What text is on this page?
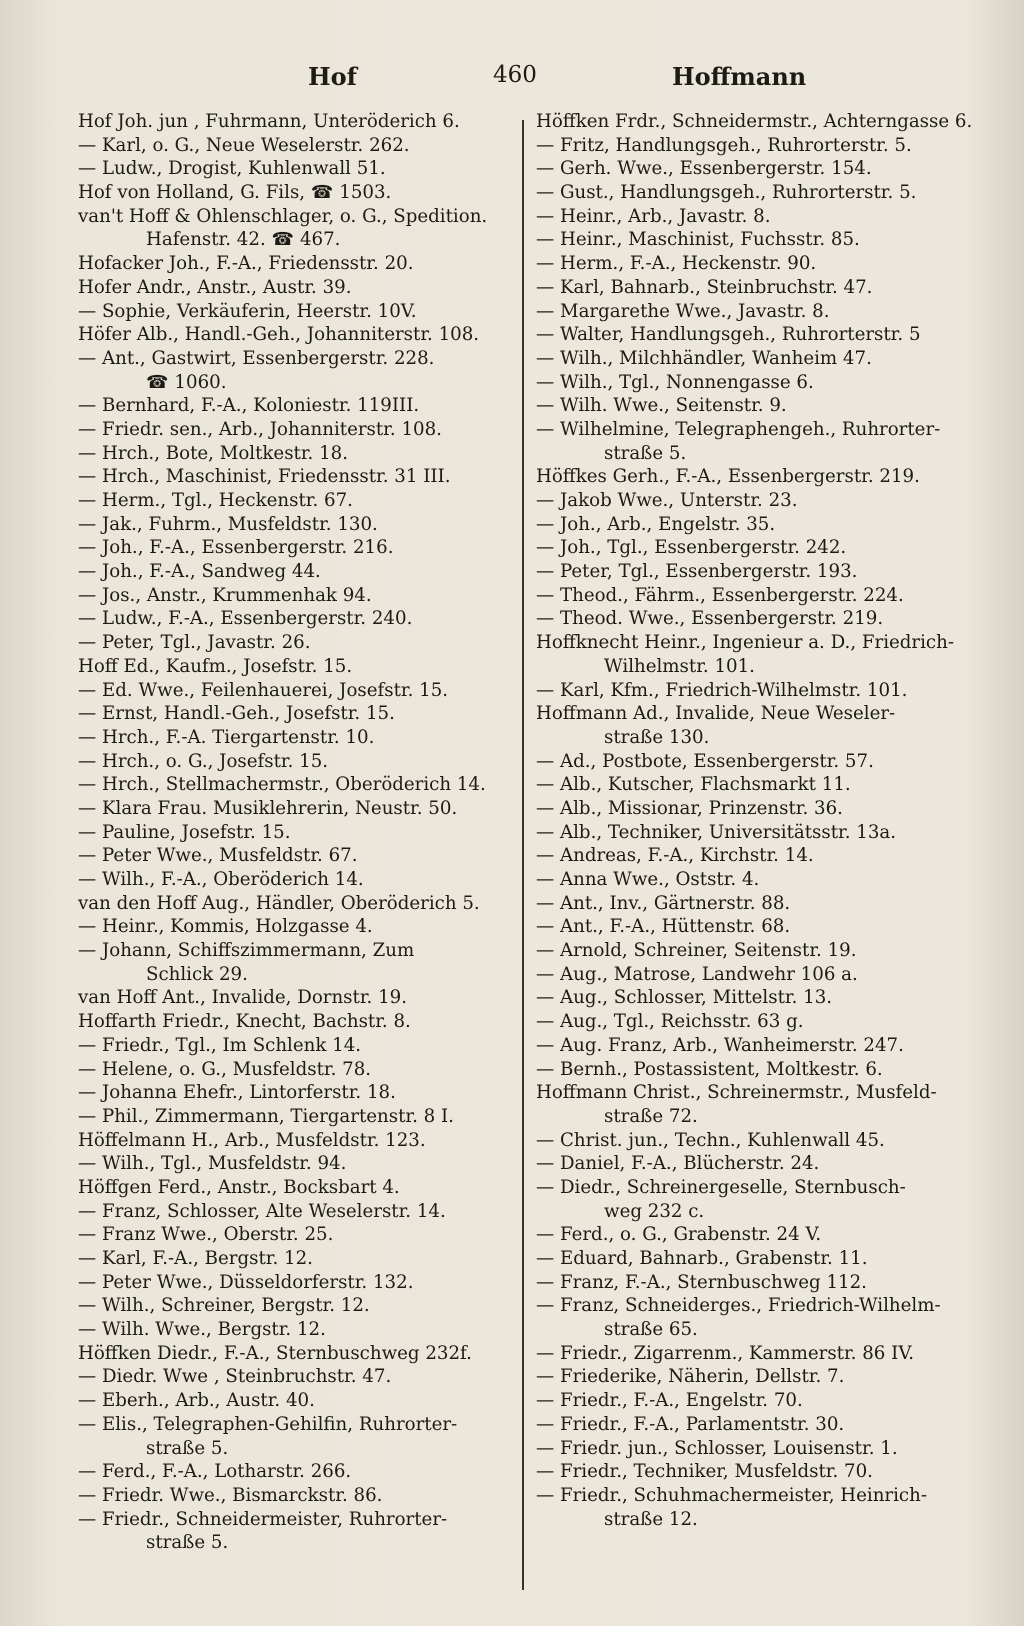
Hof	460	Hoffmann
Hof Joh. jun , Fuhrmann, Unteröderich 6.
— Karl, o. G., Neue Weselerstr. 262.
— Ludw., Drogist, Kuhlenwall 51.
Hof von Holland, G. Fils, ☎ 1503.
van't Hoff & Ohlenschlager, o. G., Spedition.
Hafenstr. 42. ☎ 467.
Hofacker Joh., F.-A., Friedensstr. 20.
Hofer Andr., Anstr., Austr. 39.
— Sophie, Verkäuferin, Heerstr. 10V.
Höfer Alb., Handl.-Geh., Johanniterstr. 108.
— Ant., Gastwirt, Essenbergerstr. 228.
☎ 1060.
— Bernhard, F.-A., Koloniestr. 119III.
— Friedr. sen., Arb., Johanniterstr. 108.
— Hrch., Bote, Moltkestr. 18.
— Hrch., Maschinist, Friedensstr. 31 III.
— Herm., Tgl., Heckenstr. 67.
— Jak., Fuhrm., Musfeldstr. 130.
— Joh., F.-A., Essenbergerstr. 216.
— Joh., F.-A., Sandweg 44.
— Jos., Anstr., Krummenhak 94.
— Ludw., F.-A., Essenbergerstr. 240.
— Peter, Tgl., Javastr. 26.
Hoff Ed., Kaufm., Josefstr. 15.
— Ed. Wwe., Feilenhauerei, Josefstr. 15.
— Ernst, Handl.-Geh., Josefstr. 15.
— Hrch., F.-A. Tiergartenstr. 10.
— Hrch., o. G., Josefstr. 15.
— Hrch., Stellmachermstr., Oberöderich 14.
— Klara Frau. Musiklehrerin, Neustr. 50.
— Pauline, Josefstr. 15.
— Peter Wwe., Musfeldstr. 67.
— Wilh., F.-A., Oberöderich 14.
van den Hoff Aug., Händler, Oberöderich 5.
— Heinr., Kommis, Holzgasse 4.
— Johann, Schiffszimmermann, Zum
Schlick 29.
van Hoff Ant., Invalide, Dornstr. 19.
Hoffarth Friedr., Knecht, Bachstr. 8.
— Friedr., Tgl., Im Schlenk 14.
— Helene, o. G., Musfeldstr. 78.
— Johanna Ehefr., Lintorferstr. 18.
— Phil., Zimmermann, Tiergartenstr. 8 I.
Höffelmann H., Arb., Musfeldstr. 123.
— Wilh., Tgl., Musfeldstr. 94.
Höffgen Ferd., Anstr., Bocksbart 4.
— Franz, Schlosser, Alte Weselerstr. 14.
— Franz Wwe., Oberstr. 25.
— Karl, F.-A., Bergstr. 12.
— Peter Wwe., Düsseldorferstr. 132.
— Wilh., Schreiner, Bergstr. 12.
— Wilh. Wwe., Bergstr. 12.
Höffken Diedr., F.-A., Sternbuschweg 232f.
— Diedr. Wwe , Steinbruchstr. 47.
— Eberh., Arb., Austr. 40.
— Elis., Telegraphen-Gehilfin, Ruhrorter-
straße 5.
— Ferd., F.-A., Lotharstr. 266.
— Friedr. Wwe., Bismarckstr. 86.
— Friedr., Schneidermeister, Ruhrorter-
straße 5.
Höffken Frdr., Schneidermstr., Achterngasse 6.
— Fritz, Handlungsgeh., Ruhrorterstr. 5.
— Gerh. Wwe., Essenbergerstr. 154.
— Gust., Handlungsgeh., Ruhrorterstr. 5.
— Heinr., Arb., Javastr. 8.
— Heinr., Maschinist, Fuchsstr. 85.
— Herm., F.-A., Heckenstr. 90.
— Karl, Bahnarb., Steinbruchstr. 47.
— Margarethe Wwe., Javastr. 8.
— Walter, Handlungsgeh., Ruhrorterstr. 5
— Wilh., Milchhändler, Wanheim 47.
— Wilh., Tgl., Nonnengasse 6.
— Wilh. Wwe., Seitenstr. 9.
— Wilhelmine, Telegraphengeh., Ruhrorter-
straße 5.
Höffkes Gerh., F.-A., Essenbergerstr. 219.
— Jakob Wwe., Unterstr. 23.
— Joh., Arb., Engelstr. 35.
— Joh., Tgl., Essenbergerstr. 242.
— Peter, Tgl., Essenbergerstr. 193.
— Theod., Fährm., Essenbergerstr. 224.
— Theod. Wwe., Essenbergerstr. 219.
Hoffknecht Heinr., Ingenieur a. D., Friedrich-
Wilhelmstr. 101.
— Karl, Kfm., Friedrich-Wilhelmstr. 101.
Hoffmann Ad., Invalide, Neue Weseler-
straße 130.
— Ad., Postbote, Essenbergerstr. 57.
— Alb., Kutscher, Flachsmarkt 11.
— Alb., Missionar, Prinzenstr. 36.
— Alb., Techniker, Universitätsstr. 13a.
— Andreas, F.-A., Kirchstr. 14.
— Anna Wwe., Oststr. 4.
— Ant., Inv., Gärtnerstr. 88.
— Ant., F.-A., Hüttenstr. 68.
— Arnold, Schreiner, Seitenstr. 19.
— Aug., Matrose, Landwehr 106 a.
— Aug., Schlosser, Mittelstr. 13.
— Aug., Tgl., Reichsstr. 63 g.
— Aug. Franz, Arb., Wanheimerstr. 247.
— Bernh., Postassistent, Moltkestr. 6.
Hoffmann Christ., Schreinermstr., Musfeld-
straße 72.
— Christ. jun., Techn., Kuhlenwall 45.
— Daniel, F.-A., Blücherstr. 24.
— Diedr., Schreinergeselle, Sternbusch-
weg 232 c.
— Ferd., o. G., Grabenstr. 24 V.
— Eduard, Bahnarb., Grabenstr. 11.
— Franz, F.-A., Sternbuschweg 112.
— Franz, Schneiderges., Friedrich-Wilhelm-
straße 65.
— Friedr., Zigarrenm., Kammerstr. 86 IV.
— Friederike, Näherin, Dellstr. 7.
— Friedr., F.-A., Engelstr. 70.
— Friedr., F.-A., Parlamentstr. 30.
— Friedr. jun., Schlosser, Louisenstr. 1.
— Friedr., Techniker, Musfeldstr. 70.
— Friedr., Schuhmachermeister, Heinrich-
straße 12.
